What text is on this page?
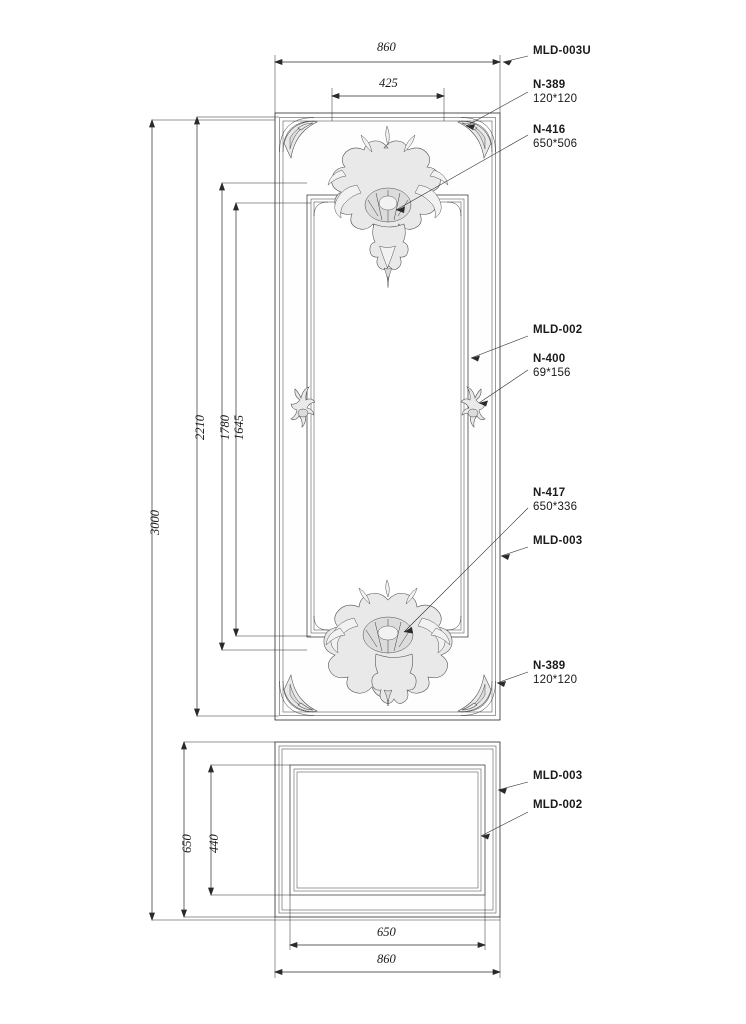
MLD-003U
N-389
120*120
N-416
650*506
MLD-002
N-400
69*156
N-417
650*336
MLD-003
N-389
120*120
MLD-003
MLD-002
860
425
3000
2210 1780 1645
650 440
650
860
